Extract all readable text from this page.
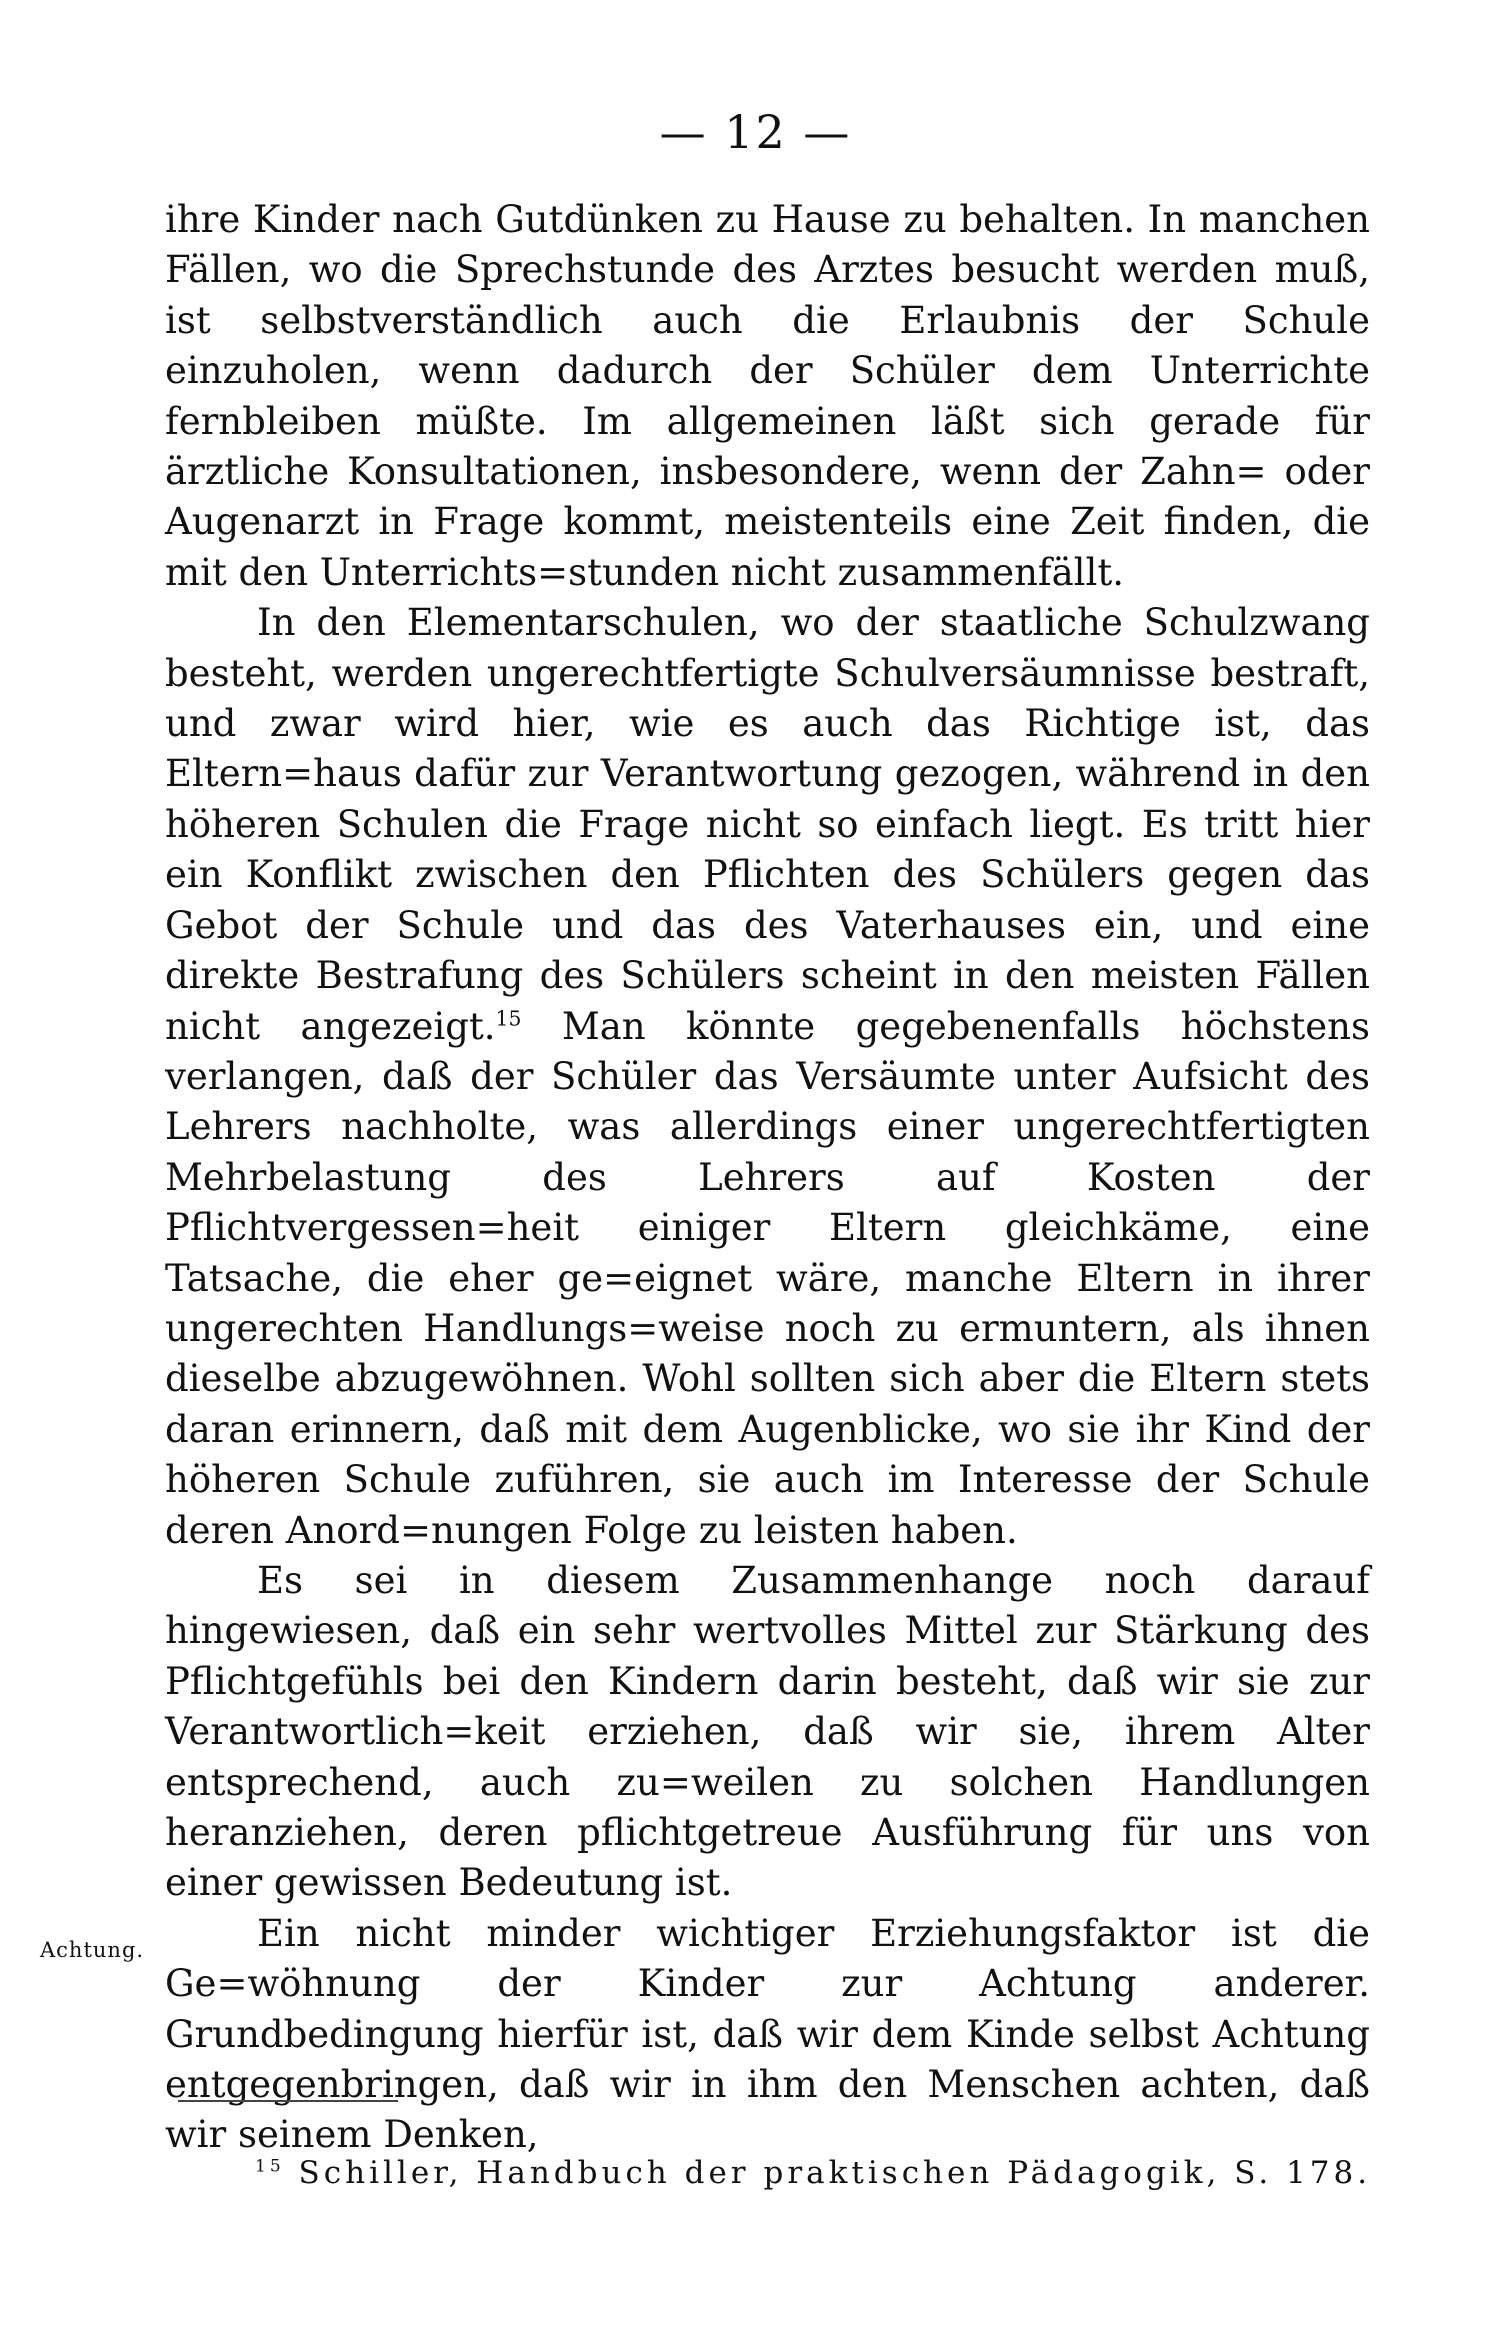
— 12 —

ihre Kinder nach Gutdünken zu Hause zu behalten. In manchen Fällen, wo die Sprechstunde des Arztes besucht werden muß, ist selbstverständlich auch die Erlaubnis der Schule einzuholen, wenn dadurch der Schüler dem Unterrichte fernbleiben müßte. Im allgemeinen läßt sich gerade für ärztliche Konsultationen, insbesondere, wenn der Zahn= oder Augenarzt in Frage kommt, meistenteils eine Zeit finden, die mit den Unterrichts=stunden nicht zusammenfällt.

In den Elementarschulen, wo der staatliche Schulzwang besteht, werden ungerechtfertigte Schulversäumnisse bestraft, und zwar wird hier, wie es auch das Richtige ist, das Eltern=haus dafür zur Verantwortung gezogen, während in den höheren Schulen die Frage nicht so einfach liegt. Es tritt hier ein Konflikt zwischen den Pflichten des Schülers gegen das Gebot der Schule und das des Vaterhauses ein, und eine direkte Bestrafung des Schülers scheint in den meisten Fällen nicht angezeigt.$^{15}$ Man könnte gegebenenfalls höchstens verlangen, daß der Schüler das Versäumte unter Aufsicht des Lehrers nachholte, was allerdings einer ungerechtfertigten Mehrbelastung des Lehrers auf Kosten der Pflichtvergessen=heit einiger Eltern gleichkäme, eine Tatsache, die eher ge=eignet wäre, manche Eltern in ihrer ungerechten Handlungs=weise noch zu ermuntern, als ihnen dieselbe abzugewöhnen. Wohl sollten sich aber die Eltern stets daran erinnern, daß mit dem Augenblicke, wo sie ihr Kind der höheren Schule zuführen, sie auch im Interesse der Schule deren Anord=nungen Folge zu leisten haben.

Es sei in diesem Zusammenhange noch darauf hingewiesen, daß ein sehr wertvolles Mittel zur Stärkung des Pflichtgefühls bei den Kindern darin besteht, daß wir sie zur Verantwortlich=keit erziehen, daß wir sie, ihrem Alter entsprechend, auch zu=weilen zu solchen Handlungen heranziehen, deren pflichtgetreue Ausführung für uns von einer gewissen Bedeutung ist.

Ein nicht minder wichtiger Erziehungsfaktor ist die Ge=wöhnung der Kinder zur Achtung anderer. Grundbedingung hierfür ist, daß wir dem Kinde selbst Achtung entgegenbringen, daß wir in ihm den Menschen achten, daß wir seinem Denken,

Achtung.
$^{15}$ Schiller, Handbuch der praktischen Pädagogik, S. 178.
